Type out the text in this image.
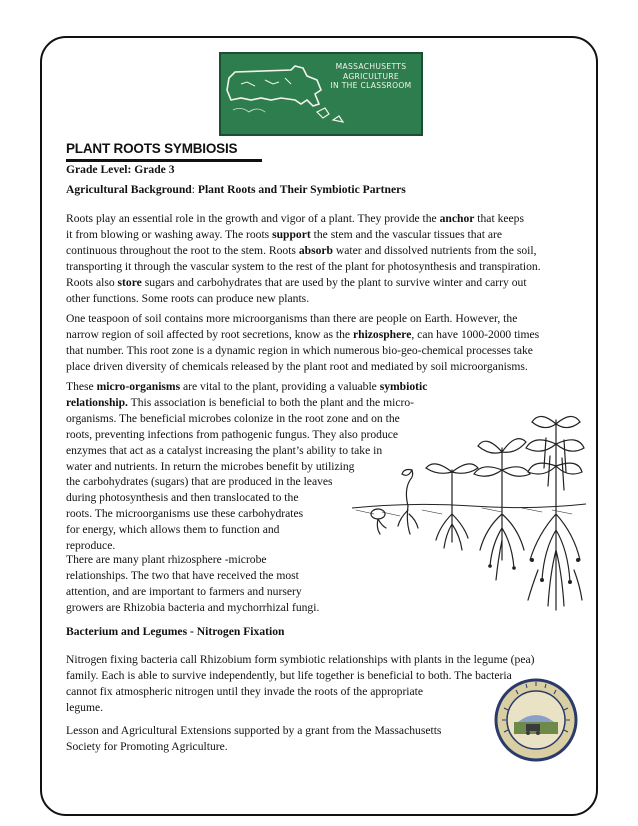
MASSACHUSETTS
AGRICULTURE
IN THE CLASSROOM
PLANT ROOTS SYMBIOSIS
Grade Level: Grade 3
Agricultural Background: Plant Roots and Their Symbiotic Partners
Roots play an essential role in the growth and vigor of a plant. They provide the anchor that keeps
it from blowing or washing away. The roots support the stem and the vascular tissues that are
continuous throughout the root to the stem. Roots absorb water and dissolved nutrients from the soil,
transporting it through the vascular system to the rest of the plant for photosynthesis and transpiration.
Roots also store sugars and carbohydrates that are used by the plant to survive winter and carry out
other functions. Some roots can produce new plants.
One teaspoon of soil contains more microorganisms than there are people on Earth. However, the
narrow region of soil affected by root secretions, know as the rhizosphere, can have 1000-2000 times
that number. This root zone is a dynamic region in which numerous bio-geo-chemical processes take
place driven diversity of chemicals released by the plant root and mediated by soil microorganisms.
These micro-organisms are vital to the plant, providing a valuable symbiotic
relationship. This association is beneficial to both the plant and the micro-
organisms. The beneficial microbes colonize in the root zone and on the
roots, preventing infections from pathogenic fungus. They also produce
enzymes that act as a catalyst increasing the plant’s ability to take in
water and nutrients. In return the microbes benefit by utilizing
the carbohydrates (sugars) that are produced in the leaves
during photosynthesis and then translocated to the
roots. The microorganisms use these carbohydrates
for energy, which allows them to function and
reproduce.
There are many plant rhizosphere -microbe
relationships. The two that have received the most
attention, and are important to farmers and nursery
growers are Rhizobia bacteria and mychorrhizal fungi.
Bacterium and Legumes - Nitrogen Fixation
Nitrogen fixing bacteria call Rhizobium form symbiotic relationships with plants in the legume (pea)
family. Each is able to survive independently, but life together is beneficial to both. The bacteria
cannot fix atmospheric nitrogen until they invade the roots of the appropriate
legume.
Lesson and Agricultural Extensions supported by a grant from the Massachusetts
Society for Promoting Agriculture.
